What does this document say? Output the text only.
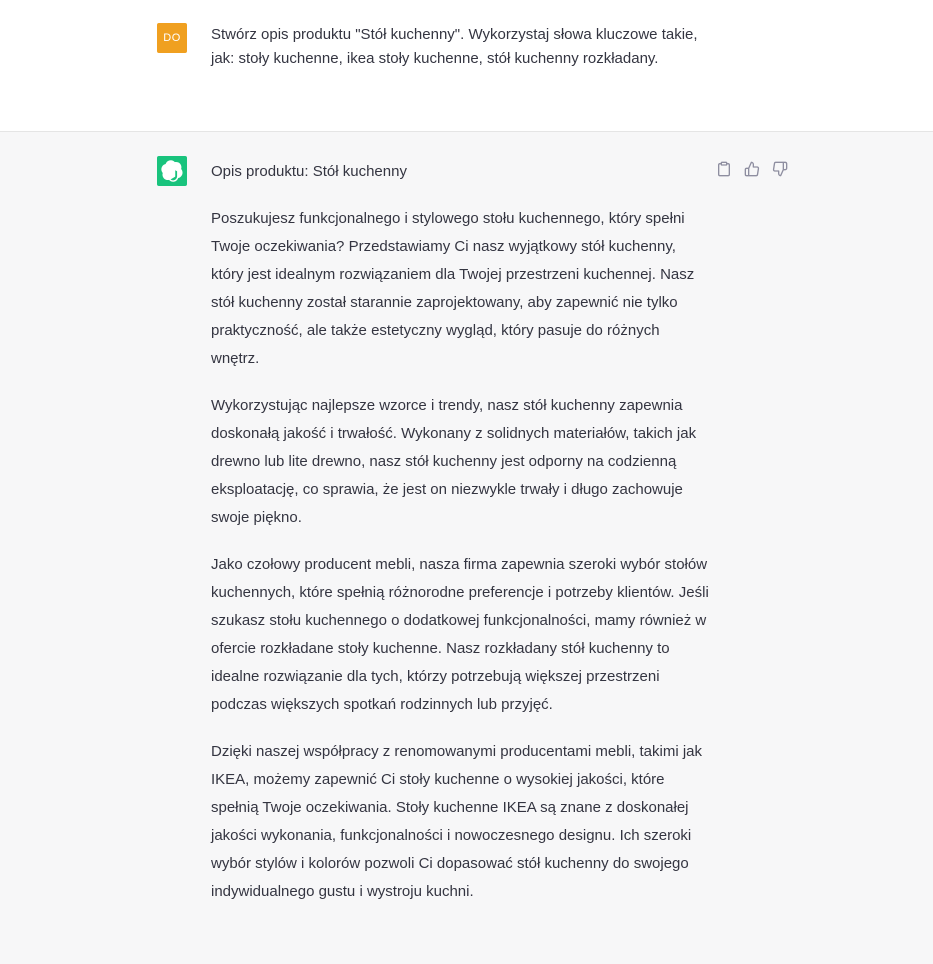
DO Stwórz opis produktu "Stół kuchenny". Wykorzystaj słowa kluczowe takie, jak: stoły kuchenne, ikea stoły kuchenne, stół kuchenny rozkładany.

Opis produktu: Stół kuchenny

Poszukujesz funkcjonalnego i stylowego stołu kuchennego, który spełni Twoje oczekiwania? Przedstawiamy Ci nasz wyjątkowy stół kuchenny, który jest idealnym rozwiązaniem dla Twojej przestrzeni kuchennej. Nasz stół kuchenny został starannie zaprojektowany, aby zapewnić nie tylko praktyczność, ale także estetyczny wygląd, który pasuje do różnych wnętrz.

Wykorzystując najlepsze wzorce i trendy, nasz stół kuchenny zapewnia doskonałą jakość i trwałość. Wykonany z solidnych materiałów, takich jak drewno lub lite drewno, nasz stół kuchenny jest odporny na codzienną eksploatację, co sprawia, że jest on niezwykle trwały i długo zachowuje swoje piękno.

Jako czołowy producent mebli, nasza firma zapewnia szeroki wybór stołów kuchennych, które spełnią różnorodne preferencje i potrzeby klientów. Jeśli szukasz stołu kuchennego o dodatkowej funkcjonalności, mamy również w ofercie rozkładane stoły kuchenne. Nasz rozkładany stół kuchenny to idealne rozwiązanie dla tych, którzy potrzebują większej przestrzeni podczas większych spotkań rodzinnych lub przyjęć.

Dzięki naszej współpracy z renomowanymi producentami mebli, takimi jak IKEA, możemy zapewnić Ci stoły kuchenne o wysokiej jakości, które spełnią Twoje oczekiwania. Stoły kuchenne IKEA są znane z doskonałej jakości wykonania, funkcjonalności i nowoczesnego designu. Ich szeroki wybór stylów i kolorów pozwoli Ci dopasować stół kuchenny do swojego indywidualnego gustu i wystroju kuchni.
